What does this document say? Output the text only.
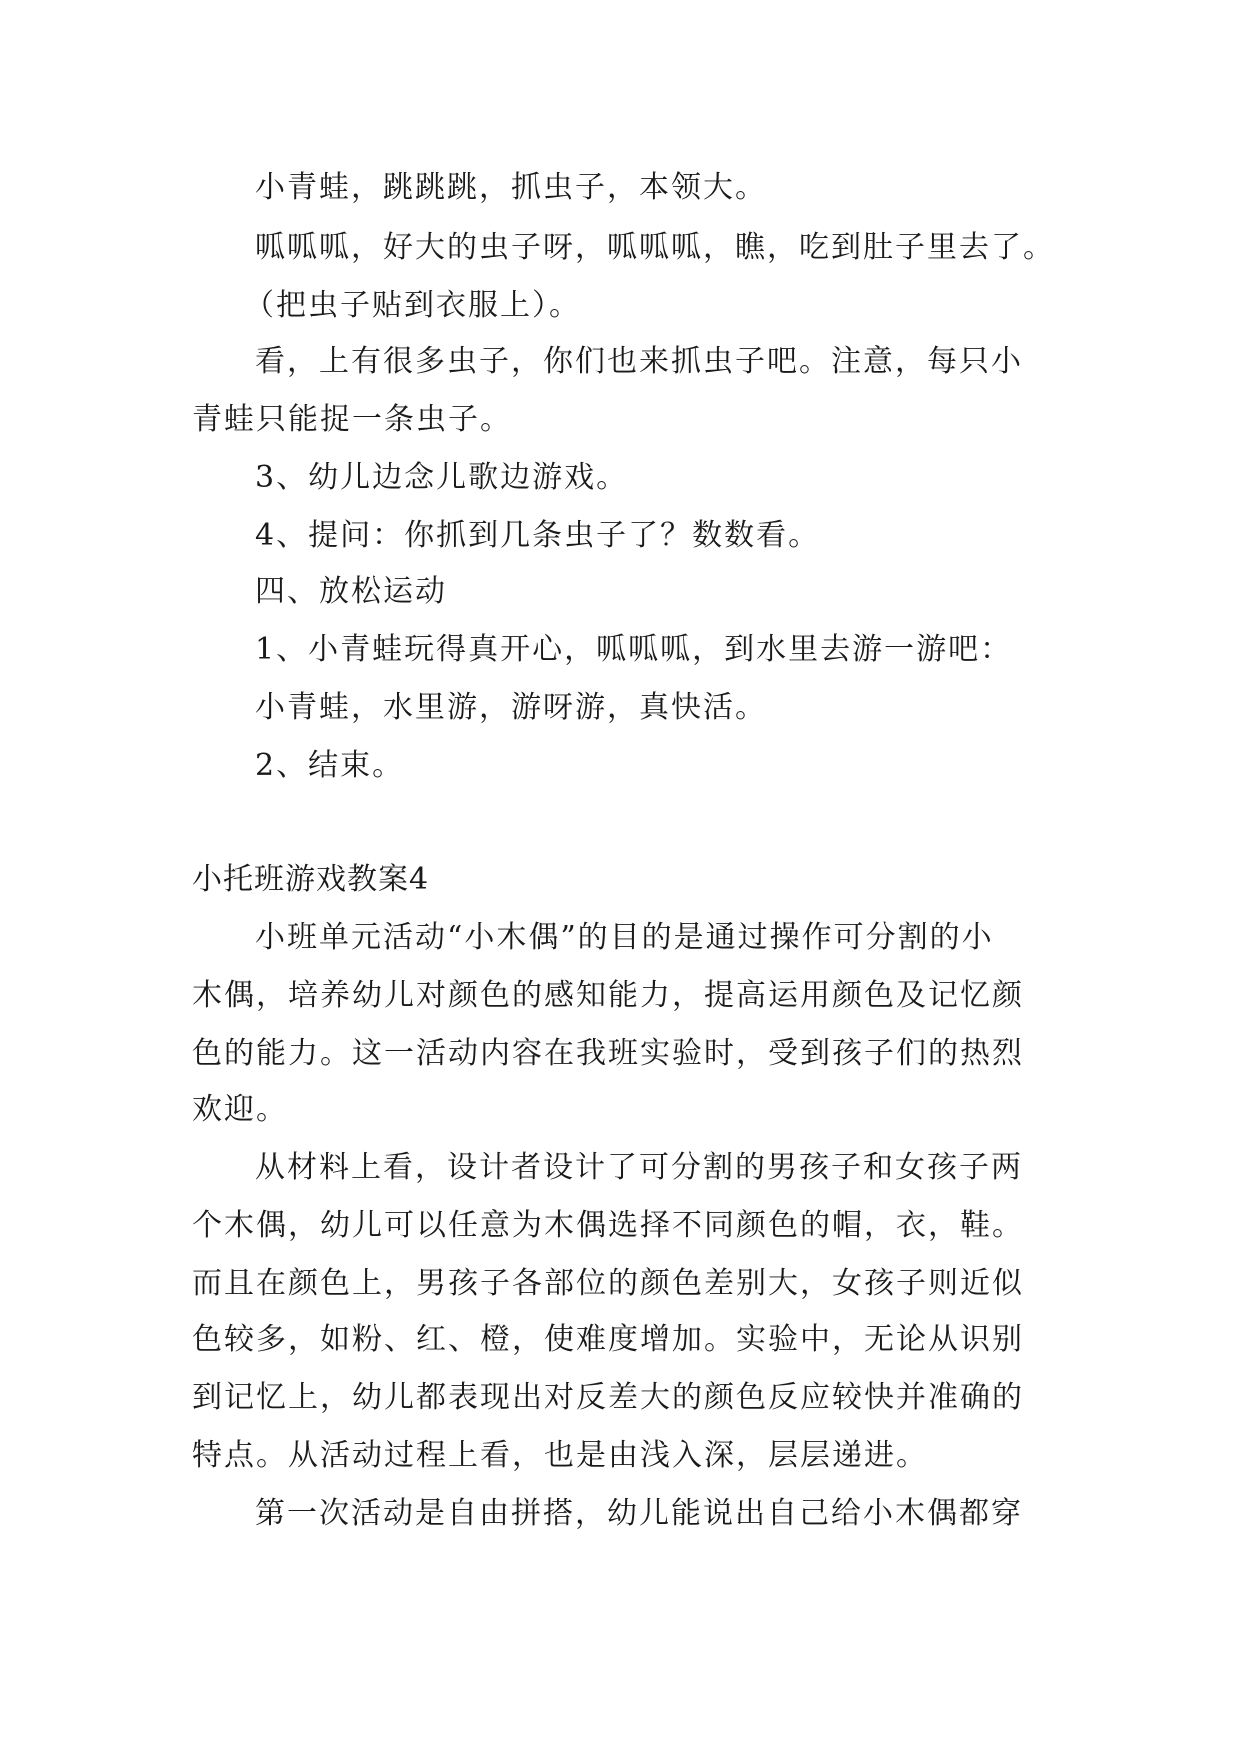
小青蛙，跳跳跳，抓虫子，本领大。
呱呱呱，好大的虫子呀，呱呱呱，瞧，吃到肚子里去了。
（把虫子贴到衣服上）。
看，上有很多虫子，你们也来抓虫子吧。注意，每只小
青蛙只能捉一条虫子。
3、幼儿边念儿歌边游戏。
4、提问：你抓到几条虫子了？数数看。
四、放松运动
1、小青蛙玩得真开心，呱呱呱，到水里去游一游吧：
小青蛙，水里游，游呀游，真快活。
2、结束。
小托班游戏教案4
小班单元活动“小木偶”的目的是通过操作可分割的小
木偶，培养幼儿对颜色的感知能力，提高运用颜色及记忆颜
色的能力。这一活动内容在我班实验时，受到孩子们的热烈
欢迎。
从材料上看，设计者设计了可分割的男孩子和女孩子两
个木偶，幼儿可以任意为木偶选择不同颜色的帽，衣，鞋。
而且在颜色上，男孩子各部位的颜色差别大，女孩子则近似
色较多，如粉、红、橙，使难度增加。实验中，无论从识别
到记忆上，幼儿都表现出对反差大的颜色反应较快并准确的
特点。从活动过程上看，也是由浅入深，层层递进。
第一次活动是自由拼搭，幼儿能说出自己给小木偶都穿
